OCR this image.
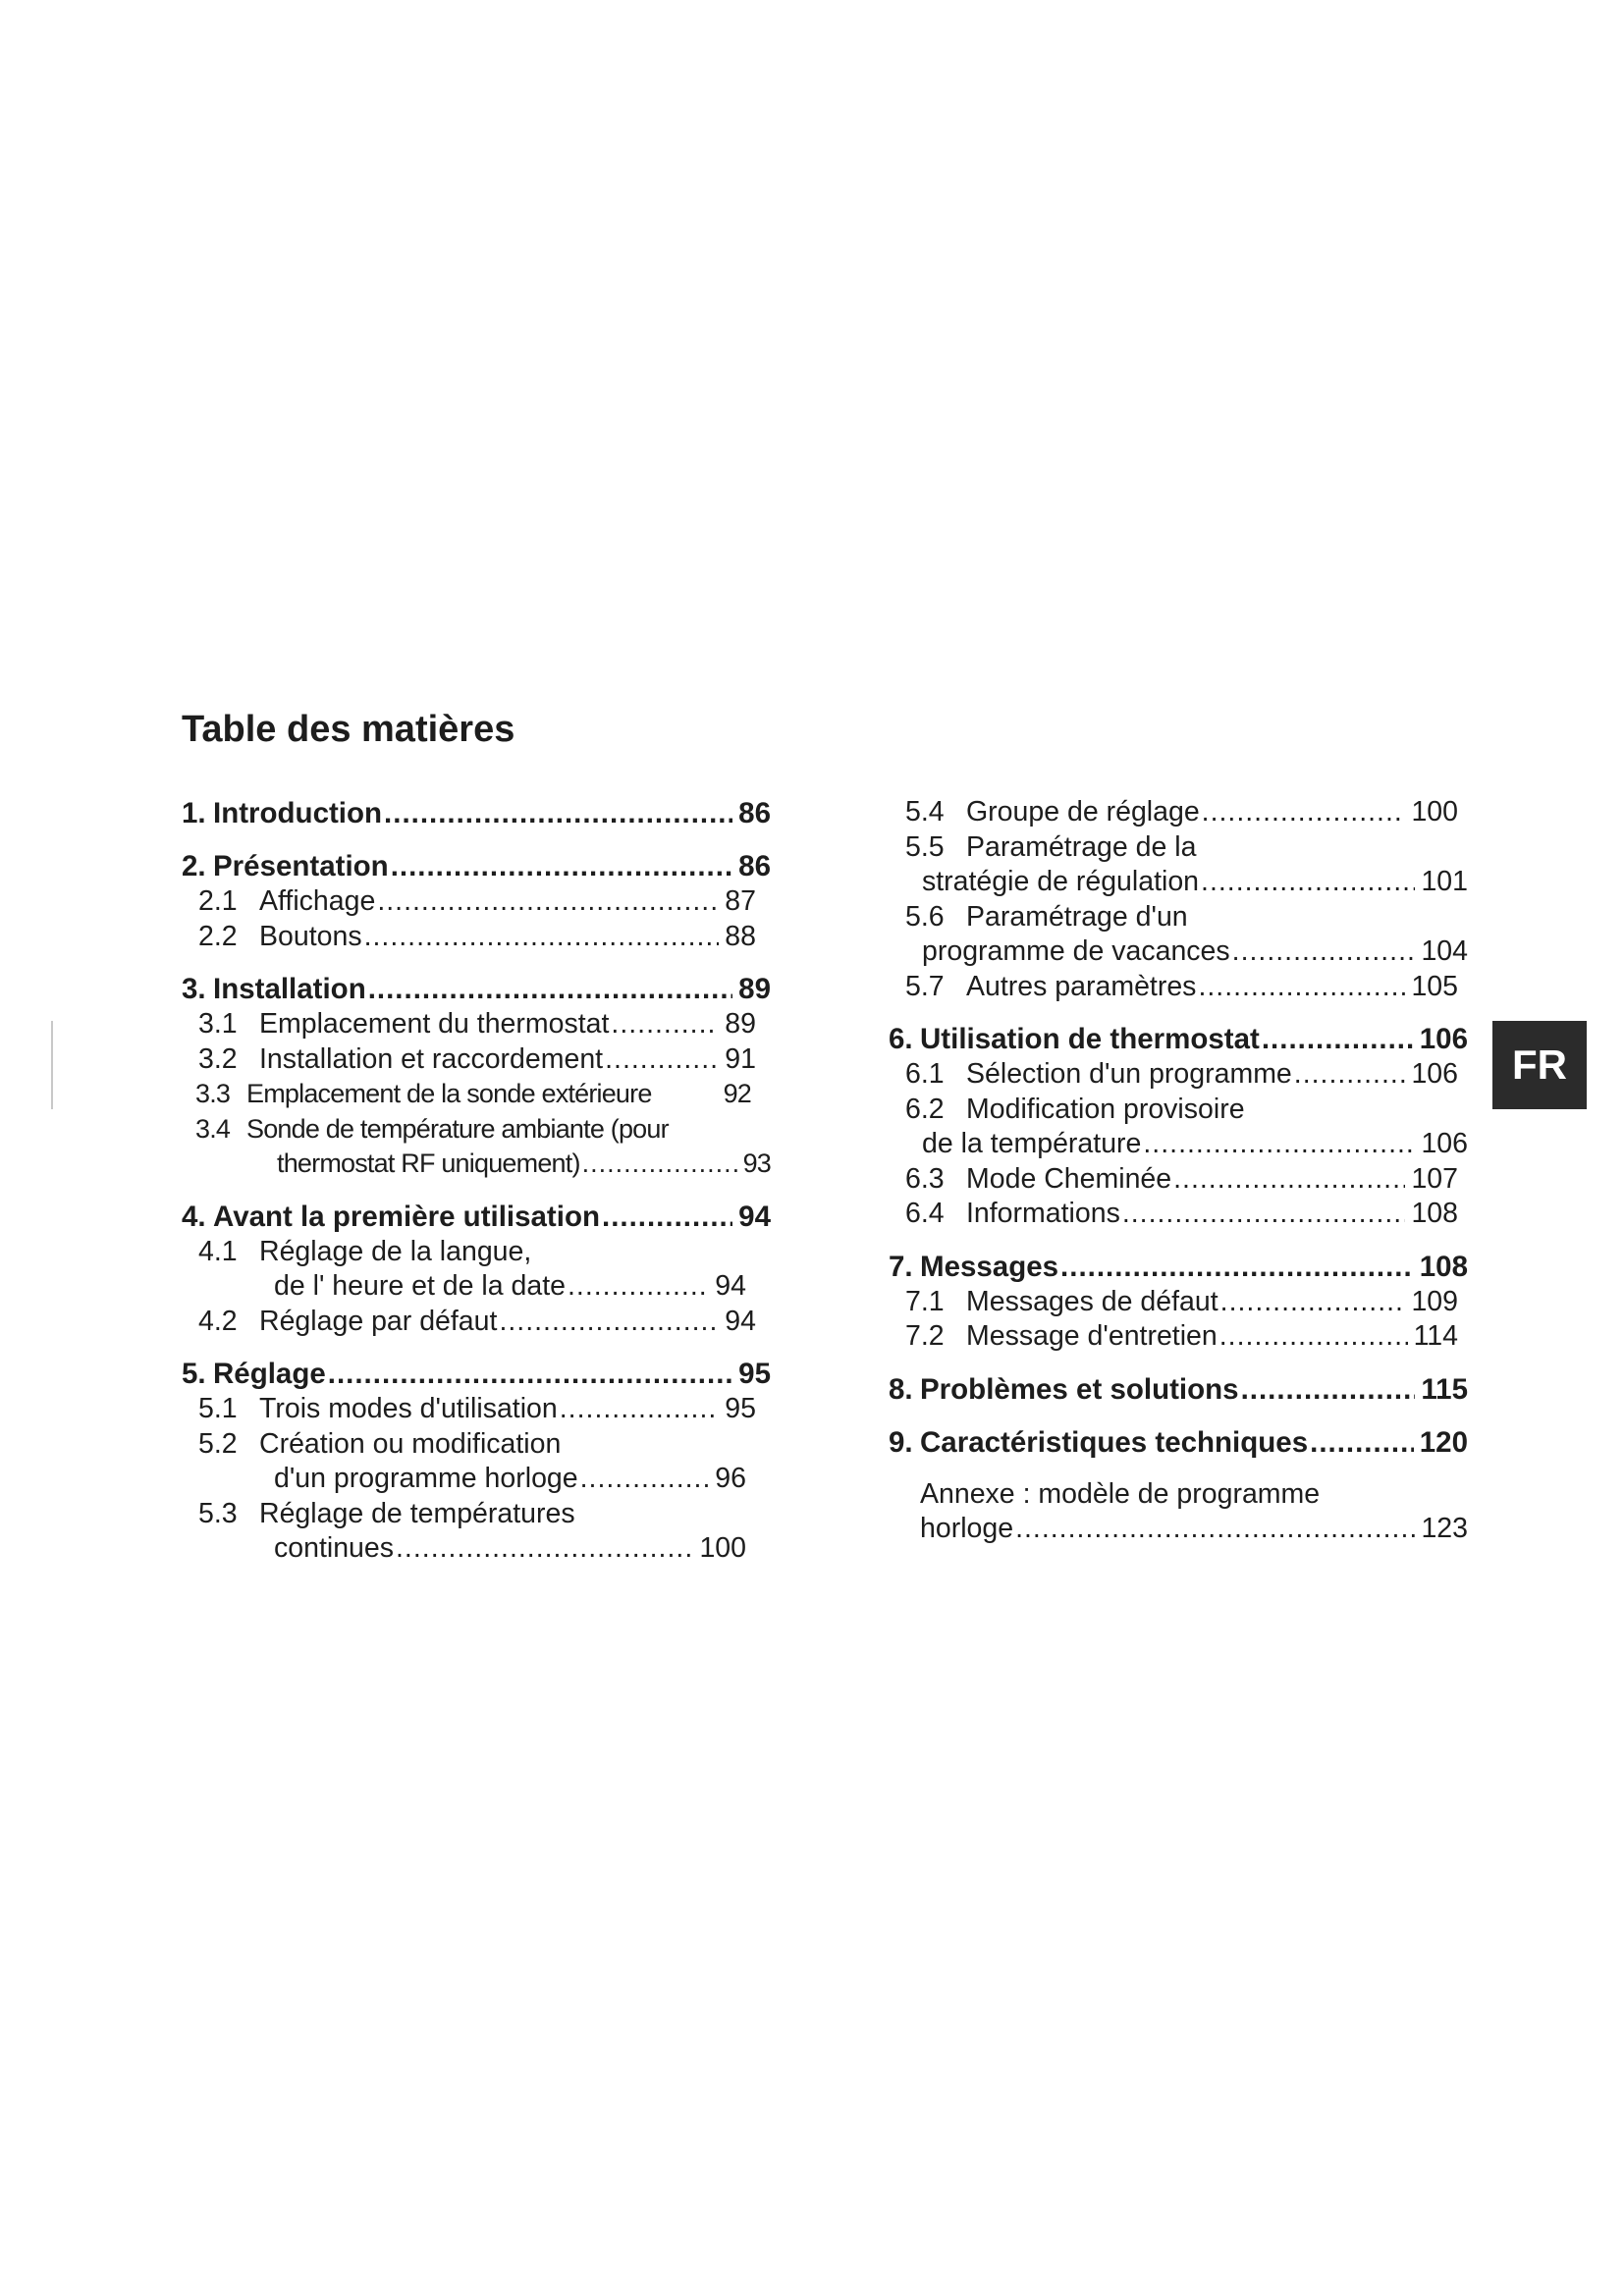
Table des matières
1. Introduction .....	86
2. Présentation .....	86
2.1 Affichage .....	87
2.2 Boutons .....	88
3. Installation .....	89
3.1 Emplacement du thermostat .....	89
3.2 Installation et raccordement .....	91
3.3 Emplacement de la sonde extérieure	92
3.4 Sonde de température ambiante (pour
thermostat RF uniquement) .....	93
4. Avant la première utilisation .....	94
4.1 Réglage de la langue,
de l' heure et de la date .....	94
4.2 Réglage par défaut .....	94
5. Réglage .....	95
5.1 Trois modes d'utilisation .....	95
5.2 Création ou modification
d'un programme horloge .....	96
5.3 Réglage de températures
continues .....	100
5.4 Groupe de réglage .....	100
5.5 Paramétrage de la
stratégie de régulation .....	101
5.6 Paramétrage d'un
programme de vacances .....	104
5.7 Autres paramètres .....	105
6. Utilisation de thermostat .....	106
6.1 Sélection d'un programme .....	106
6.2 Modification provisoire
de la température .....	106
6.3 Mode Cheminée .....	107
6.4 Informations .....	108
7. Messages .....	108
7.1 Messages de défaut .....	109
7.2 Message d'entretien .....	114
8. Problèmes et solutions .....	115
9. Caractéristiques techniques .....	120
Annexe : modèle de programme
horloge .....	123
FR
